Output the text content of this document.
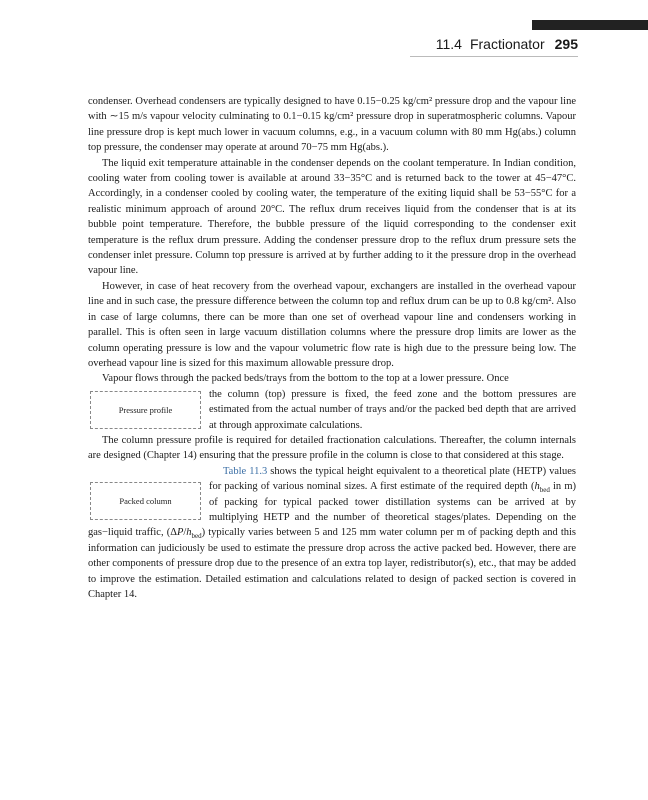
11.4 Fractionator 295

condenser. Overhead condensers are typically designed to have 0.15−0.25 kg/cm² pressure drop and the vapour line with ∼15 m/s vapour velocity culminating to 0.1−0.15 kg/cm² pressure drop in superatmospheric columns. Vapour line pressure drop is kept much lower in vacuum columns, e.g., in a vacuum column with 80 mm Hg(abs.) column top pressure, the condenser may operate at around 70−75 mm Hg(abs.).

The liquid exit temperature attainable in the condenser depends on the coolant temperature. In Indian condition, cooling water from cooling tower is available at around 33−35°C and is returned back to the tower at 45−47°C. Accordingly, in a condenser cooled by cooling water, the temperature of the exiting liquid shall be 53−55°C for a realistic minimum approach of around 20°C. The reflux drum receives liquid from the condenser that is at its bubble point temperature. Therefore, the bubble pressure of the liquid corresponding to the condenser exit temperature is the reflux drum pressure. Adding the condenser pressure drop to the reflux drum pressure sets the condenser inlet pressure. Column top pressure is arrived at by further adding to it the pressure drop in the overhead vapour line.

However, in case of heat recovery from the overhead vapour, exchangers are installed in the overhead vapour line and in such case, the pressure difference between the column top and reflux drum can be up to 0.8 kg/cm². Also in case of large columns, there can be more than one set of overhead vapour line and condensers working in parallel. This is often seen in large vacuum distillation columns where the pressure drop limits are lower as the column operating pressure is low and the vapour volumetric flow rate is high due to the pressure being low. The overhead vapour line is sized for this maximum allowable pressure drop.

Vapour flows through the packed beds/trays from the bottom to the top at a lower pressure. Once

Pressure profile

the column (top) pressure is fixed, the feed zone and the bottom pressures are estimated from the actual number of trays and/or the packed bed depth that are arrived at through approximate calculations.

The column pressure profile is required for detailed fractionation calculations. Thereafter, the column internals are designed (Chapter 14) ensuring that the pressure profile in the column is close to that considered at this stage.

Packed column

Table 11.3 shows the typical height equivalent to a theoretical plate (HETP) values for packing of various nominal sizes. A first estimate of the required depth ($h_{bed}$ in m) of packing for typical packed tower distillation systems can be arrived at by multiplying HETP and the number of theoretical stages/plates. Depending on the gas−liquid traffic, $(\Delta P/h_{bed})$ typically varies between 5 and 125 mm water column per m of packing depth and this information can judiciously be used to estimate the pressure drop across the active packed bed. However, there are other components of pressure drop due to the presence of an extra top layer, redistributor(s), etc., that may be added to improve the estimation. Detailed estimation and calculations related to design of packed section is covered in Chapter 14.
